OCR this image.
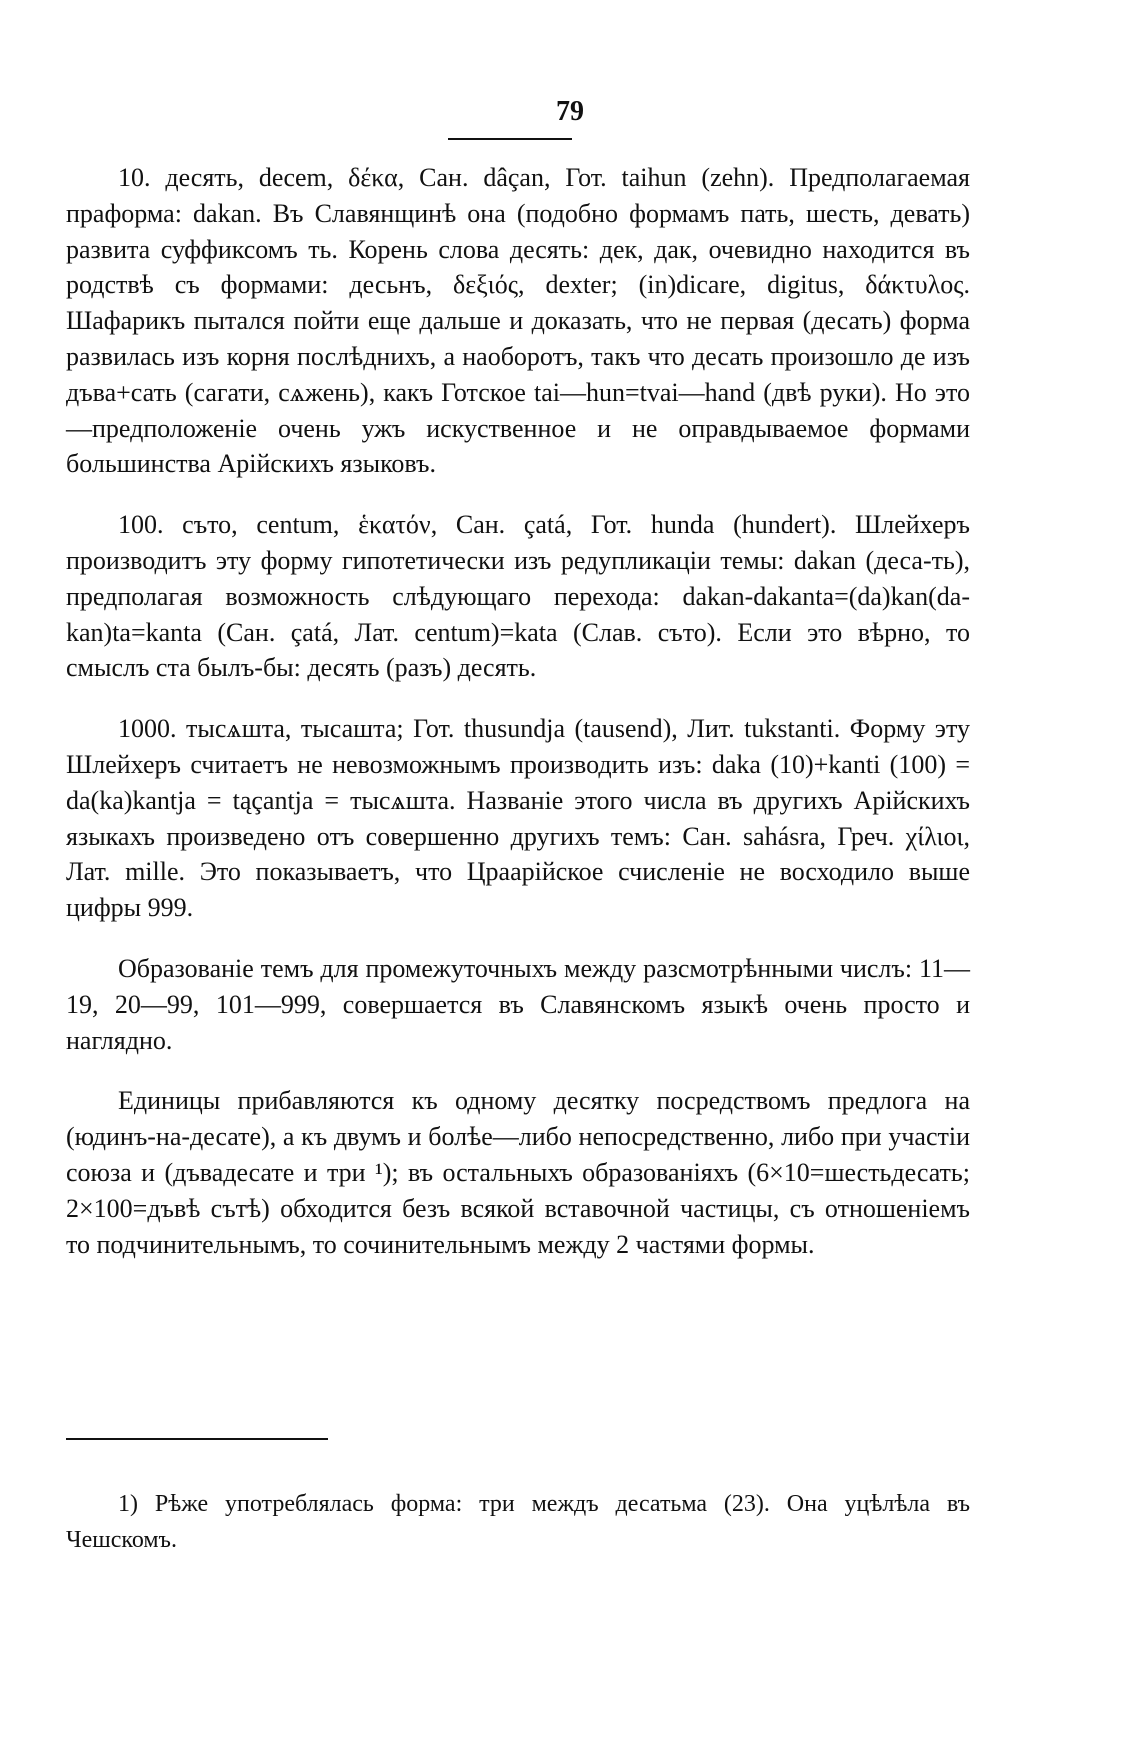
79

10. десять, decem, δέκα, Сан. dâçan, Гот. taihun (zehn). Предполагаемая праформа: dakan. Въ Славянщинѣ она (подобно формамъ пать, шесть, девать) развита суффиксомъ ть. Корень слова десять: дек, дак, очевидно находится въ родствѣ съ формами: десьнъ, δεξιός, dexter; (in)dicare, digitus, δάκτυλος. Шафарикъ пытался пойти еще дальше и доказать, что не первая (десать) форма развилась изъ корня послѣднихъ, а наоборотъ, такъ что десать произошло де изъ дъва+сать (сагати, сѧжень), какъ Готское tai—hun=tvai—hand (двѣ руки). Но это—предположеніе очень ужъ искуственное и не оправдываемое формами большинства Арійскихъ языковъ.

100. съто, centum, ἑκατόν, Сан. çatá, Гот. hunda (hundert). Шлейхеръ производитъ эту форму гипотетически изъ редупликаціи темы: dakan (деса-ть), предполагая возможность слѣдующаго перехода: dakan-dakanta=(da)kan(da-kan)ta=kanta (Сан. çatá, Лат. centum)=kata (Слав. съто). Если это вѣрно, то смыслъ ста былъ-бы: десять (разъ) десять.

1000. тысѧшта, тысашта; Гот. thusundja (tausend), Лит. tukstanti. Форму эту Шлейхеръ считаетъ не невозможнымъ производить изъ: daka (10)+kanti (100) = da(ka)kantja = tąçantja = тысѧшта. Названіе этого числа въ другихъ Арійскихъ языкахъ произведено отъ совершенно другихъ темъ: Сан. sahásra, Греч. χίλιοι, Лат. mille. Это показываетъ, что Цраарійское счисленіе не восходило выше цифры 999.

Образованіе темъ для промежуточныхъ между разсмотрѣнными числъ: 11—19, 20—99, 101—999, совершается въ Славянскомъ языкѣ очень просто и наглядно.

Единицы прибавляются къ одному десятку посредствомъ предлога на (юдинъ-на-десате), а къ двумъ и болѣе—либо непосредственно, либо при участіи союза и (дъвадесате и три ¹); въ остальныхъ образованіяхъ (6×10=шестьдесать; 2×100=дъвѣ сътѣ) обходится безъ всякой вставочной частицы, съ отношеніемъ то подчинительнымъ, то сочинительнымъ между 2 частями формы.

1) Рѣже употреблялась форма: три междъ десатьма (23). Она уцѣлѣла въ Чешскомъ.
